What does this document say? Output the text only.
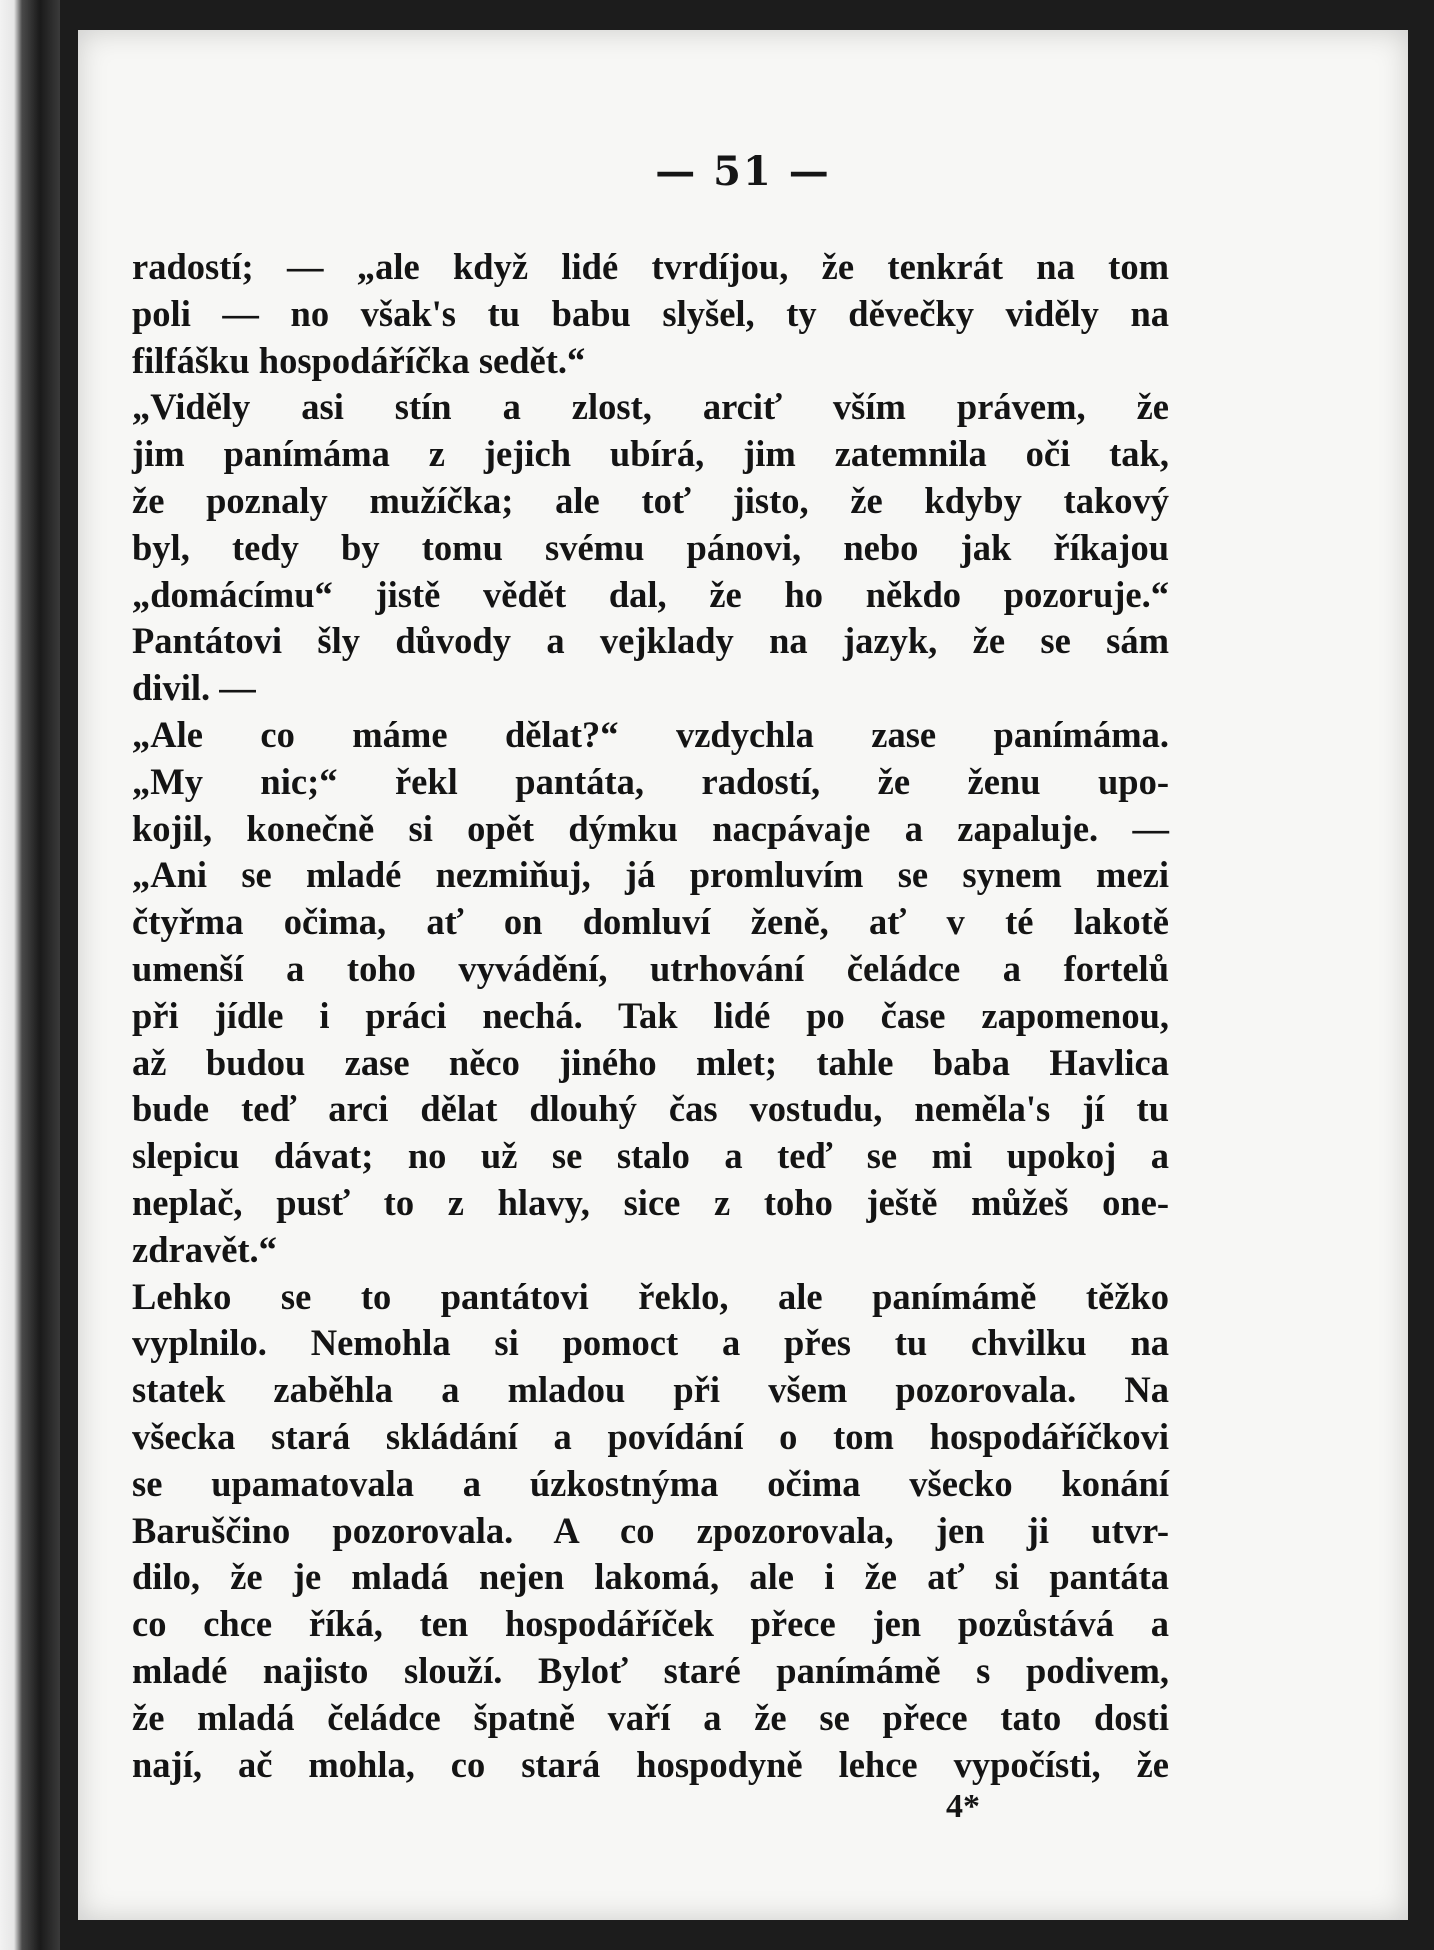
— 51 —
radostí; — „ale když lidé tvrdíjou, že tenkrát na tom
poli — no však's tu babu slyšel, ty děvečky viděly na
filfášku hospodáříčka sedět.“
„Viděly asi stín a zlost, arciť vším právem, že
jim panímáma z jejich ubírá, jim zatemnila oči tak,
že poznaly mužíčka; ale toť jisto, že kdyby takový
byl, tedy by tomu svému pánovi, nebo jak říkajou
„domácímu“ jistě vědět dal, že ho někdo pozoruje.“
Pantátovi šly důvody a vejklady na jazyk, že se sám
divil. —
„Ale co máme dělat?“ vzdychla zase panímáma.
„My nic;“ řekl pantáta, radostí, že ženu upo-
kojil, konečně si opět dýmku nacpávaje a zapaluje. —
„Ani se mladé nezmiňuj, já promluvím se synem mezi
čtyřma očima, ať on domluví ženě, ať v té lakotě
umenší a toho vyvádění, utrhování čeládce a fortelů
při jídle i práci nechá. Tak lidé po čase zapomenou,
až budou zase něco jiného mlet; tahle baba Havlica
bude teď arci dělat dlouhý čas vostudu, neměla's jí tu
slepicu dávat; no už se stalo a teď se mi upokoj a
neplač, pusť to z hlavy, sice z toho ještě můžeš one-
zdravět.“
Lehko se to pantátovi řeklo, ale panímámě těžko
vyplnilo. Nemohla si pomoct a přes tu chvilku na
statek zaběhla a mladou při všem pozorovala. Na
všecka stará skládání a povídání o tom hospodáříčkovi
se upamatovala a úzkostnýma očima všecko konání
Baruščino pozorovala. A co zpozorovala, jen ji utvr-
dilo, že je mladá nejen lakomá, ale i že ať si pantáta
co chce říká, ten hospodáříček přece jen pozůstává a
mladé najisto slouží. Byloť staré panímámě s podivem,
že mladá čeládce špatně vaří a že se přece tato dosti
nají, ač mohla, co stará hospodyně lehce vypočísti, že
4*
